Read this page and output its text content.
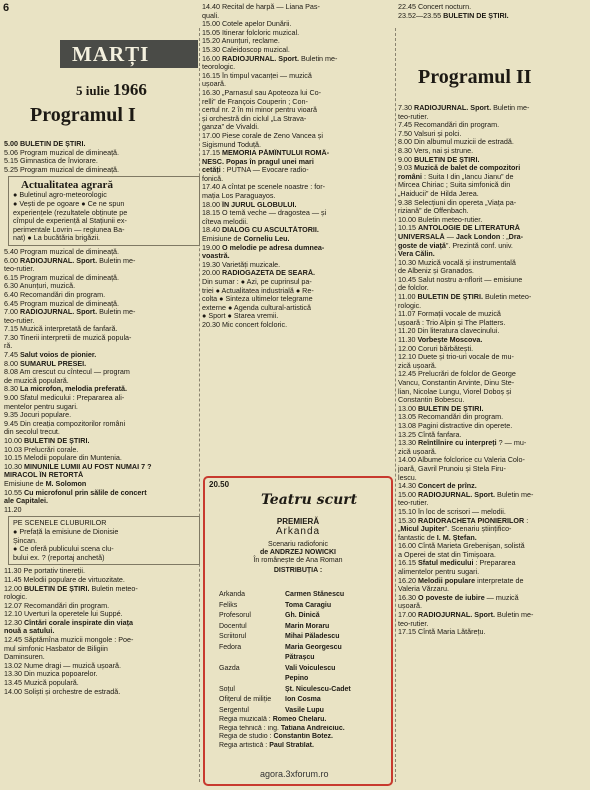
6
MARȚI
5 iulie 1966
Programul I
5.00 BULETIN DE ȘTIRI.
5.06 Program muzical de dimineață.
5.15 Gimnastica de înviorare.
5.25 Program muzical de dimineață.
Actualitatea agrară
● Buletinul agro-meteorologic
● Vești de pe ogoare ● Ce ne spun
experiențele (rezultatele obținute pe
cîmpul de experiență al Stațiunii ex-
perimentale Lovrin — regiunea Ba-
nat) ● La bucătăria brigăzii.
5.40 Program muzical de dimineață.
6.00 RADIOJURNAL. Sport. Buletin me-
teo-rutier.
6.15 Program muzical de dimineață.
6.30 Anunțuri, muzică.
6.40 Recomandări din program.
6.45 Program muzical de dimineață.
7.00 RADIOJURNAL. Sport. Buletin me-
teo-rutier.
7.15 Muzică interpretată de fanfară.
7.30 Tinerii interpretii de muzică popula-
ră.
7.45 Salut voios de pionier.
8.00 SUMARUL PRESEI.
8.08 Am crescut cu cîntecul — program
de muzică populară.
8.30 La microfon, melodia preferată.
9.00 Sfatul medicului : Prepararea ali-
mentelor pentru sugari.
9.35 Jocuri populare.
9.45 Din creația compozitorilor români
din secolul trecut.
10.00 BULETIN DE ȘTIRI.
10.03 Prelucrări corale.
10.15 Melodii populare din Muntenia.
10.30 MINUNILE LUMII AU FOST NUMAI 7 ?
MIRACOL ÎN RETORTĂ
Emisiune de M. Solomon
10.55 Cu microfonul prin sălile de concert
ale Capitalei.
11.20
PE SCENELE CLUBURILOR
● Prefață la emisiune de Dionisie
Șincan.
● Ce oferă publicului scena clu-
bului ex. ? (reportaj anchetă)
11.30 Pe portativ tinereții.
11.45 Melodii populare de virtuozitate.
12.00 BULETIN DE ȘTIRI. Buletin meteo-
rologic.
12.07 Recomandări din program.
12.10 Uverturi la operetele lui Suppé.
12.30 Cîntări corale inspirate din viața
nouă a satului.
12.45 Săptămîna muzicii mongole : Poe-
mul simfonic Hasbator de Biligiin
Daminsuren.
13.02 Nume dragi — muzică ușoară.
13.30 Din muzica popoarelor.
13.45 Muzică populară.
14.00 Soliști și orchestre de estradă.
14.40 Recital de harpă — Liana Pas-
quali.
15.00 Cotele apelor Dunării.
15.05 Itinerar folcloric muzical.
15.20 Anunțuri, reclame.
15.30 Caleidoscop muzical.
16.00 RADIOJURNAL. Sport. Buletin me-
teorologic.
16.15 În timpul vacanței — muzică
ușoară.
16.30 „Parnasul sau Apoteoza lui Co-
relli” de François Couperin ; Con-
certul nr. 2 în mi minor pentru vioară
și orchestră din ciclul „La Strava-
ganza” de Vivaldi.
17.00 Piese corale de Zeno Vancea și
Sigismund Toduță.
17.15 MEMORIA PĂMÎNTULUI ROMÂ-
NESC. Popas în pragul unei mari
cetăți : PUTNA — Evocare radio-
fonică.
17.40 A cîntat pe scenele noastre : for-
mația Los Paraguayos.
18.00 ÎN JURUL GLOBULUI.
18.15 O temă veche — dragostea — și
cîteva melodii.
18.40 DIALOG CU ASCULTĂTORII.
Emisiune de Corneliu Leu.
19.00 O melodie pe adresa dumnea-
voastră.
19.30 Varietăți muzicale.
20.00 RADIOGAZETA DE SEARĂ.
Din sumar : ● Azi, pe cuprinsul pa-
triei ● Actualitatea industrială ● Re-
colta ● Sinteza ultimelor telegrame
externe ● Agenda cultural-artistică
● Sport ● Starea vremii.
20.30 Mic concert folcloric.
20.50
Teatru scurt
PREMIERĂ
Arkanda
Scenariu radiofonic
de ANDRZEJ NOWICKI
În românește de Ana Roman
DISTRIBUȚIA :
Arkanda	Carmen Stănescu
Feliks	Toma Caragiu
Profesorul	Gh. Dinică
Docentul	Marin Moraru
Scriitorul	Mihai Păladescu
Fedora	Maria Georgescu
Pătrașcu
Gazda	Vali Voiculescu
Pepino
Soțul	Șt. Niculescu-Cadet
Ofițerul de miliție	Ion Cosma
Sergentul	Vasile Lupu
Regia muzicală : Romeo Chelaru.
Regia tehnică : ing. Tatiana Andreiciuc.
Regia de studio : Constantin Botez.
Regia artistică : Paul Stratilat.
22.45 Concert nocturn.
23.52—23.55 BULETIN DE ȘTIRI.
Programul II
7.30 RADIOJURNAL. Sport. Buletin me-
teo-rutier.
7.45 Recomandări din program.
7.50 Valsuri și polci.
8.00 Din albumul muzicii de estradă.
8.30 Vers, nai și strune.
9.00 BULETIN DE ȘTIRI.
9.03 Muzică de balet de compozitori
români : Suita I din „Iancu Jianu” de
Mircea Chiriac ; Suita simfonică din
„Haiducii” de Hilda Jerea.
9.38 Selecțiuni din opereta „Viața pa-
riziană” de Offenbach.
10.00 Buletin meteo-rutier.
10.15 ANTOLOGIE DE LITERATURĂ
UNIVERSALĂ — Jack London : „Dra-
goste de viață”. Prezintă conf. univ.
Vera Călin.
10.30 Muzică vocală și instrumentală
de Albeniz și Granados.
10.45 Salut nostru a-nflorit — emisiune
de folclor.
11.00 BULETIN DE ȘTIRI. Buletin meteo-
rologic.
11.07 Formații vocale de muzică
ușoară : Trio Alpin și The Platters.
11.20 Din literatura clavecinului.
11.30 Vorbește Moscova.
12.00 Coruri bărbătești.
12.10 Duete și trio-uri vocale de mu-
zică ușoară.
12.45 Prelucrări de folclor de George
Vancu, Constantin Arvinte, Dinu Ste-
lian, Nicolae Lungu, Viorel Doboș și
Constantin Bobescu.
13.00 BULETIN DE ȘTIRI.
13.05 Recomandări din program.
13.08 Pagini distractive din operete.
13.25 Cîntă fanfara.
13.30 Reîntîlnire cu interpreți ? — mu-
zică ușoară.
14.00 Albume folclorice cu Valeria Colo-
joară, Gavril Prunoiu și Stela Firu-
lescu.
14.30 Concert de prînz.
15.00 RADIOJURNAL. Sport. Buletin me-
teo-rutier.
15.10 În loc de scrisori — melodii.
15.30 RADIORACHETA PIONIERILOR :
„Micul Jupiter”. Scenariu științifico-
fantastic de I. M. Ștefan.
16.00 Cîntă Marieta Grebenișan, solistă
a Operei de stat din Timișoara.
16.15 Sfatul medicului : Prepararea
alimentelor pentru sugari.
16.20 Melodii populare interpretate de
Valeria Vărzaru.
16.30 O poveste de iubire — muzică
ușoară.
17.00 RADIOJURNAL. Sport. Buletin me-
teo-rutier.
17.15 Cîntă Maria Lătărețu.
agora.3xforum.ro
